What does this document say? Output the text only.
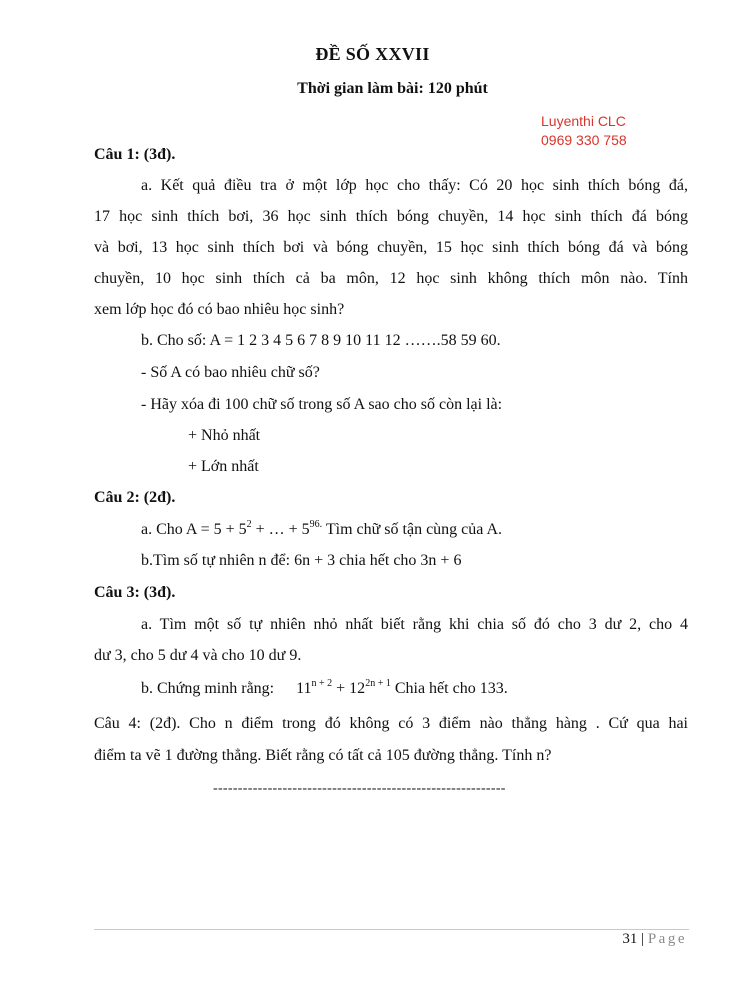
ĐỀ SỐ XXVII
Thời gian làm bài: 120 phút
Luyenthi CLC
0969 330 758
Câu 1: (3đ).
a. Kết quả điều tra ở một lớp học cho thấy: Có 20 học sinh thích bóng đá,
17 học sinh thích bơi, 36 học sinh thích bóng chuyền, 14 học sinh thích đá bóng
và bơi, 13 học sinh thích bơi và bóng chuyền, 15 học sinh thích bóng đá và bóng
chuyền, 10 học sinh thích cả ba môn, 12 học sinh không thích môn nào. Tính
xem lớp học đó có bao nhiêu học sinh?
b. Cho số: A = 1 2 3 4 5 6 7 8 9 10 11 12 …….58 59 60.
- Số A có bao nhiêu chữ số?
- Hãy xóa đi 100 chữ số trong số A sao cho số còn lại là:
+ Nhỏ nhất
+ Lớn nhất
Câu 2: (2đ).
a. Cho $A = 5 + 5^2$ + … + $5^{96.}$ Tìm chữ số tận cùng của A.
b.Tìm số tự nhiên n để: 6n + 3 chia hết cho 3n + 6
Câu 3: (3đ).
a. Tìm một số tự nhiên nhỏ nhất biết rằng khi chia số đó cho 3 dư 2, cho 4
dư 3, cho 5 dư 4 và cho 10 dư 9.
b. Chứng minh rằng: $11^{n + 2} + 12^{2n + 1}$ Chia hết cho 133.
Câu 4: (2đ). Cho n điểm trong đó không có 3 điểm nào thẳng hàng . Cứ qua hai
điểm ta vẽ 1 đường thẳng. Biết rằng có tất cả 105 đường thẳng. Tính n?
-----------------------------------------------------------
31 | Page
